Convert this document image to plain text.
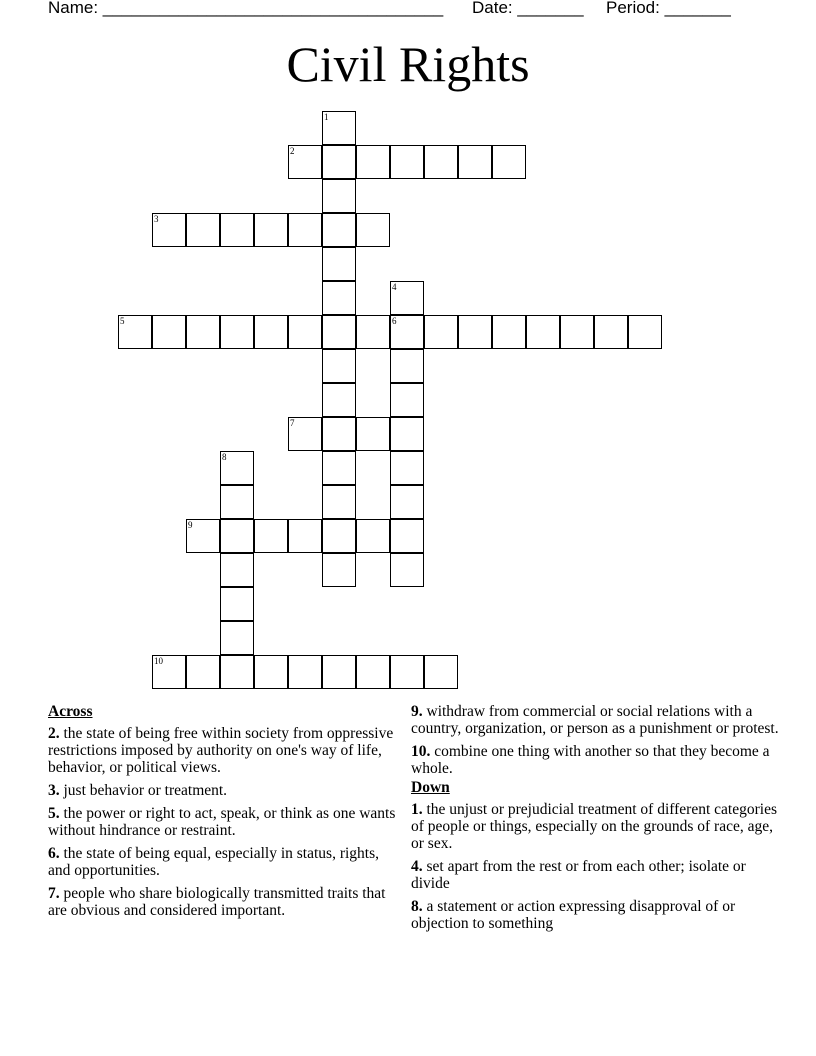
Name: ____________________________________ Date: _______ Period: _______
Civil Rights
1
2
3
4
6
5
7
8
9
10
Across
2. the state of being free within society from oppressive restrictions imposed by authority on one's way of life, behavior, or political views.
3. just behavior or treatment.
5. the power or right to act, speak, or think as one wants without hindrance or restraint.
6. the state of being equal, especially in status, rights, and opportunities.
7. people who share biologically transmitted traits that are obvious and considered important.
9. withdraw from commercial or social relations with a country, organization, or person as a punishment or protest.
10. combine one thing with another so that they become a whole.
Down
1. the unjust or prejudicial treatment of different categories of people or things, especially on the grounds of race, age, or sex.
4. set apart from the rest or from each other; isolate or divide
8. a statement or action expressing disapproval of or objection to something
